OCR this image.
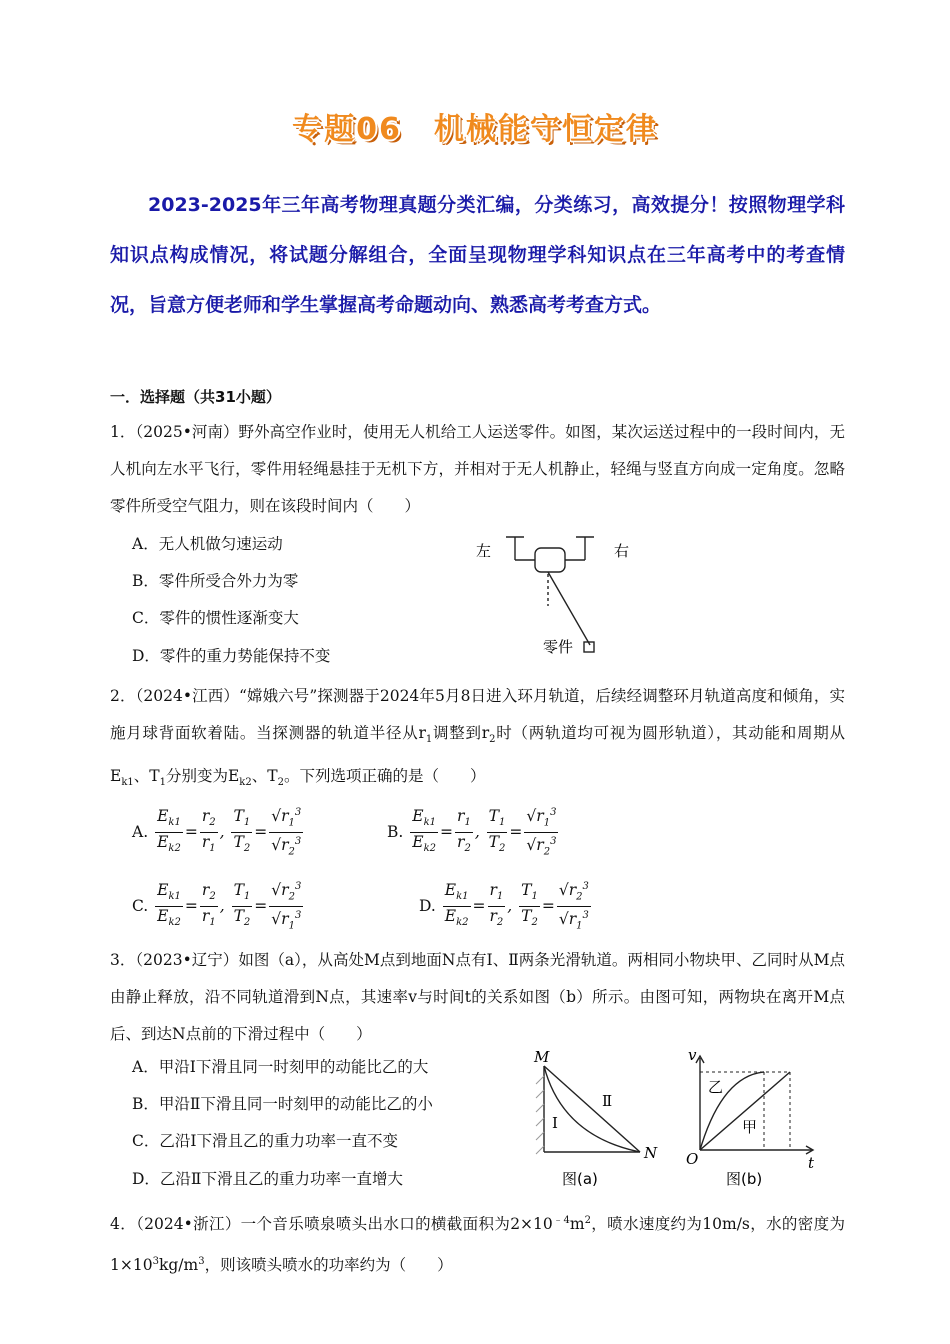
专题06　机械能守恒定律
2023-2025年三年高考物理真题分类汇编，分类练习，高效提分！按照物理学科知识点构成情况，将试题分解组合，全面呈现物理学科知识点在三年高考中的考查情况，旨意方便老师和学生掌握高考命题动向、熟悉高考考查方式。
一．选择题（共31小题）
1．（2025•河南）野外高空作业时，使用无人机给工人运送零件。如图，某次运送过程中的一段时间内，无人机向左水平飞行，零件用轻绳悬挂于无机下方，并相对于无人机静止，轻绳与竖直方向成一定角度。忽略零件所受空气阻力，则在该段时间内（　　）
A．无人机做匀速运动
B．零件所受合外力为零
C．零件的惯性逐渐变大
D．零件的重力势能保持不变
左	右
零件
2．（2024•江西）“嫦娥六号”探测器于2024年5月8日进入环月轨道，后续经调整环月轨道高度和倾角，实施月球背面软着陆。当探测器的轨道半径从$r_1$调整到$r_2$时（两轨道均可视为圆形轨道），其动能和周期从$E_{k1}$、$T_1$分别变为$E_{k2}$、$T_2$。下列选项正确的是（　　）
A. $\frac{E_{k1}}{E_{k2}} = \frac{r_2}{r_1}$ , $\frac{T_1}{T_2} = \frac{√r_1^3}{√r_2^3}$	B. $\frac{E_{k1}}{E_{k2}} = \frac{r_1}{r_2}$ , $\frac{T_1}{T_2} = \frac{√r_1^3}{√r_2^3}$
C. $\frac{E_{k1}}{E_{k2}} = \frac{r_2}{r_1}$ , $\frac{T_1}{T_2} = \frac{√r_2^3}{√r_1^3}$	D. $\frac{E_{k1}}{E_{k2}} = \frac{r_1}{r_2}$ , $\frac{T_1}{T_2} = \frac{√r_2^3}{√r_1^3}$
3．（2023•辽宁）如图（a），从高处M点到地面N点有Ⅰ、Ⅱ两条光滑轨道。两相同小物块甲、乙同时从M点由静止释放，沿不同轨道滑到N点，其速率v与时间t的关系如图（b）所示。由图可知，两物块在离开M点后、到达N点前的下滑过程中（　　）
A．甲沿Ⅰ下滑且同一时刻甲的动能比乙的大
B．甲沿Ⅱ下滑且同一时刻甲的动能比乙的小
C．乙沿Ⅰ下滑且乙的重力功率一直不变
D．乙沿Ⅱ下滑且乙的重力功率一直增大
M
Ⅰ
Ⅱ
N
图(a)
v
乙
甲
O	t
图(b)
4．（2024•浙江）一个音乐喷泉喷头出水口的横截面积为$2\times 10^{﹣4}m^2$，喷水速度约为10m/s，水的密度为$1\times 10^3kg/m^3$，则该喷头喷水的功率约为（　　）
